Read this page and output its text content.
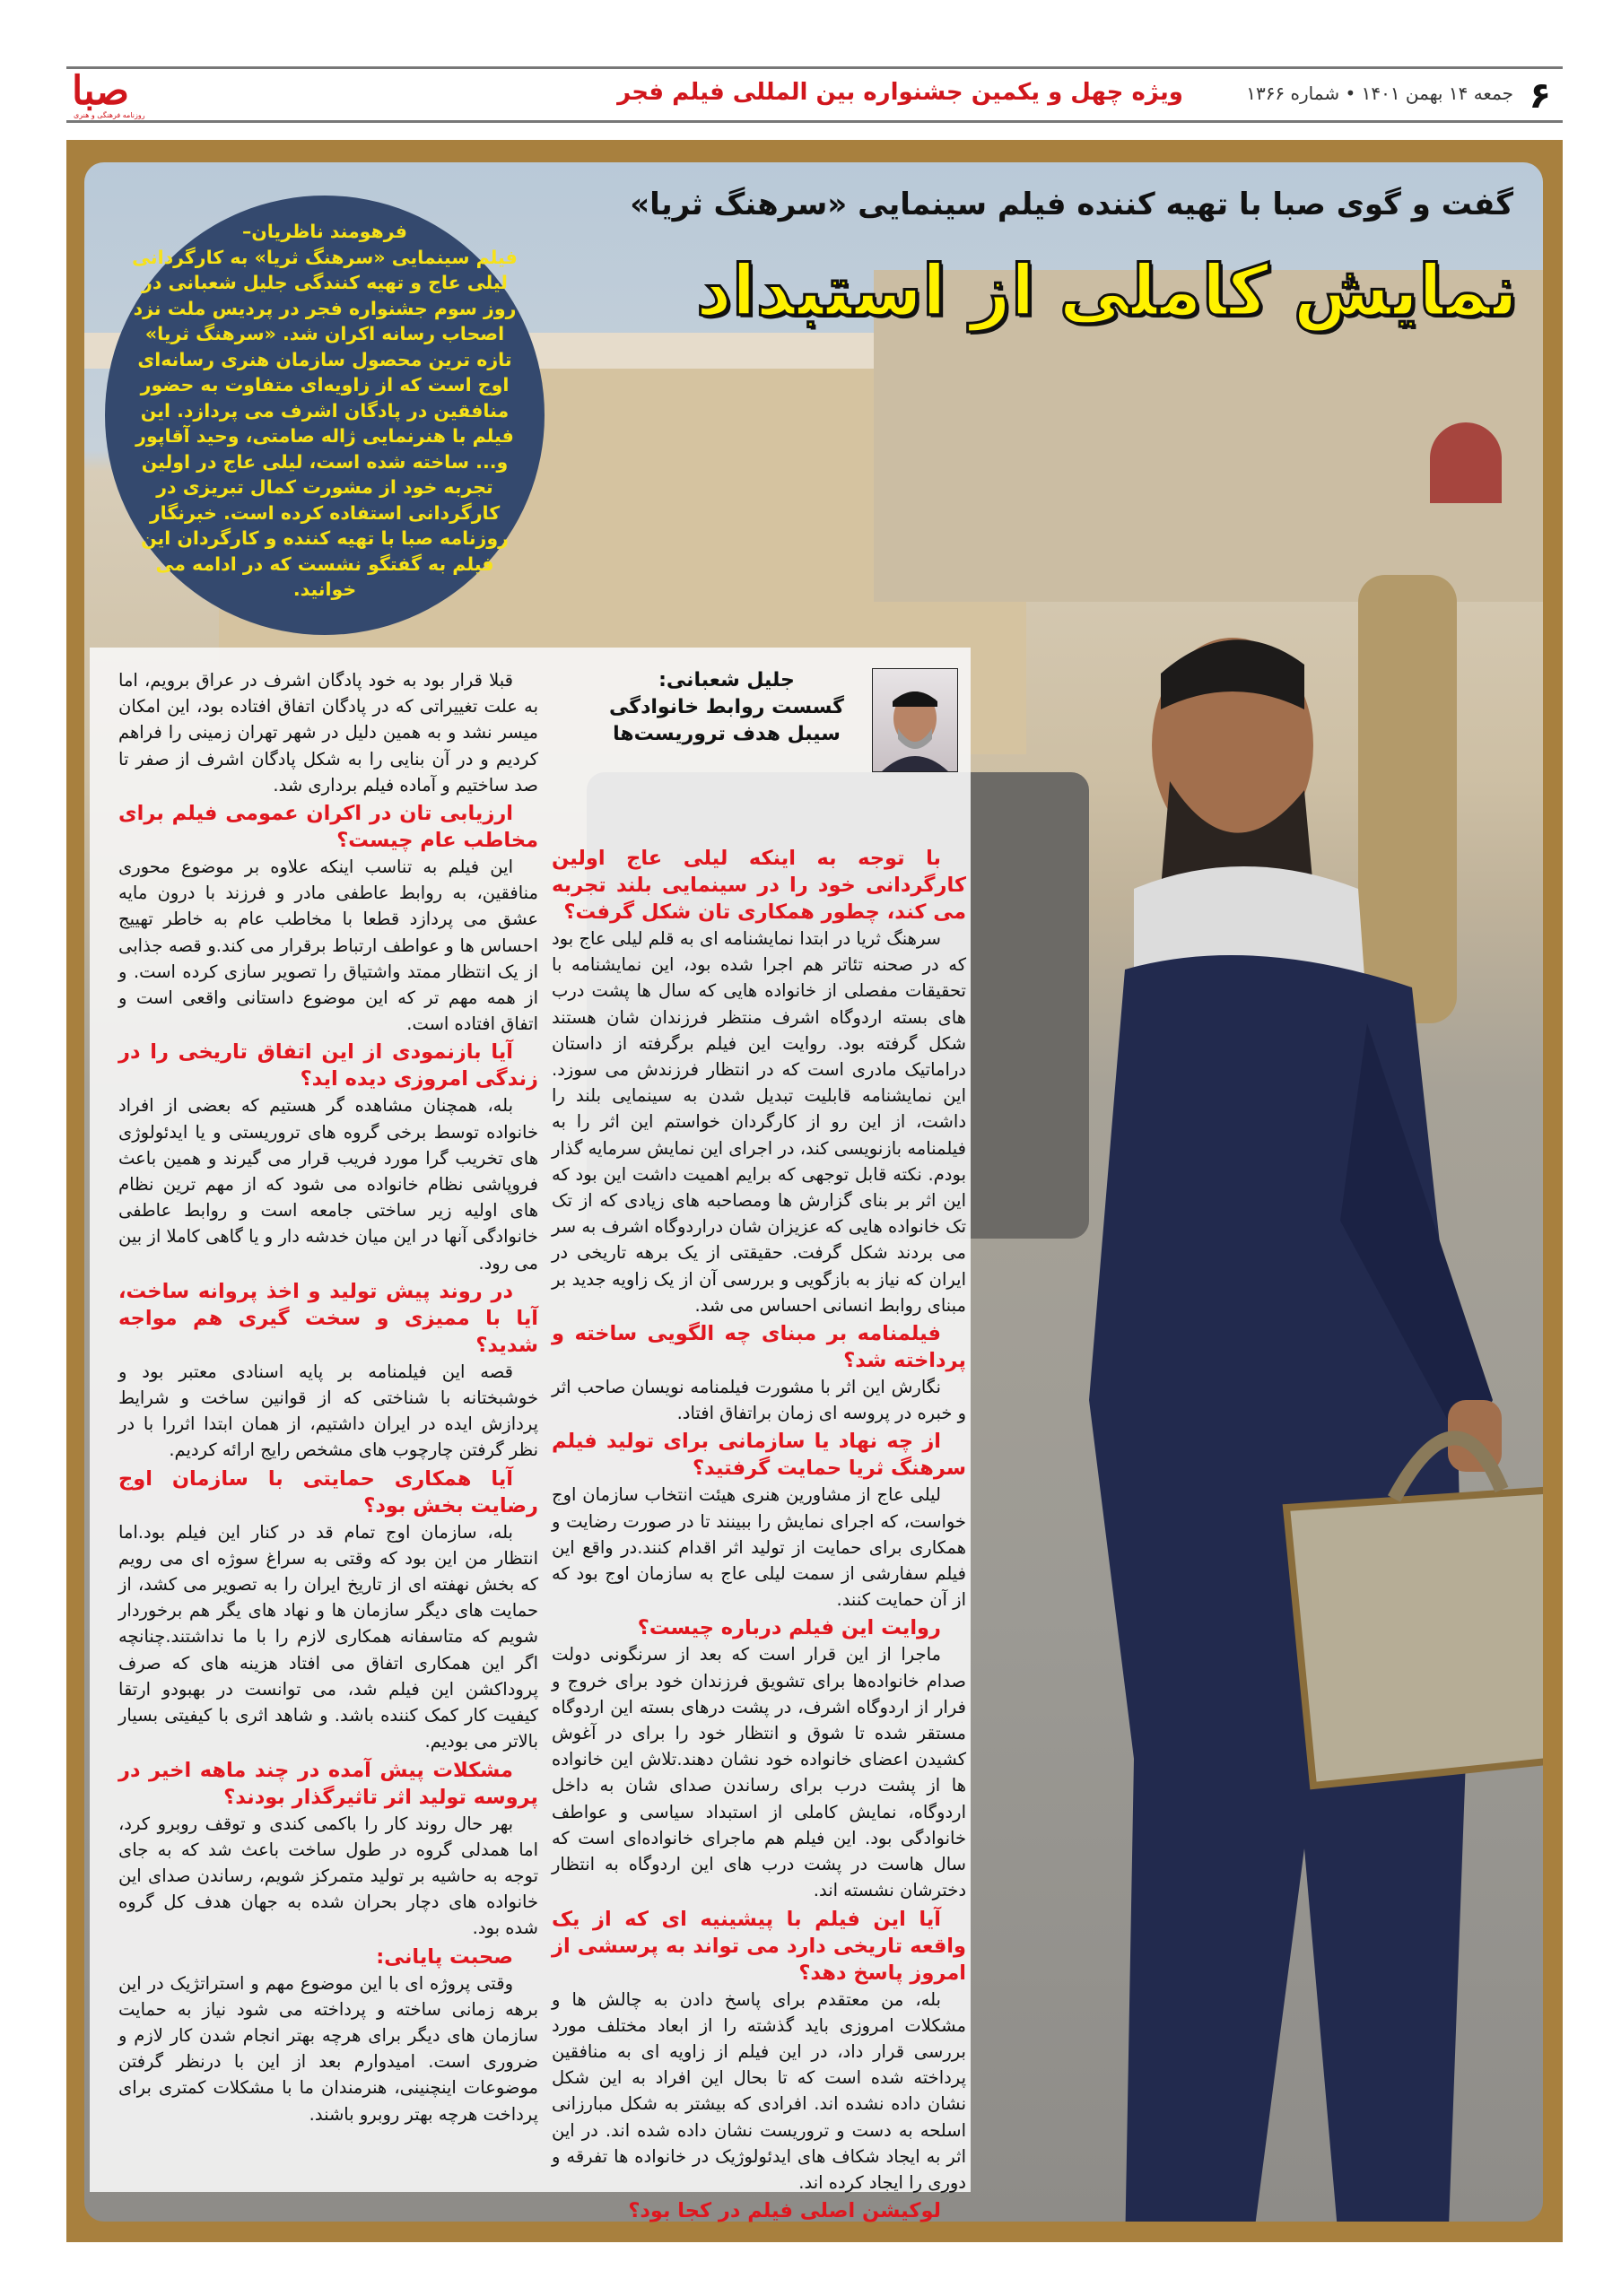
۶
جمعه ۱۴ بهمن ۱۴۰۱ • شماره ۱۳۶۶
ویژه چهل و یکمین جشنواره بین المللی فیلم فجر
صبا
روزنامه فرهنگی و هنری
گفت و گوی صبا با تهیه کننده فیلم سینمایی «سرهنگ ثریا»
نمایش کاملی از استبداد
فرهومند ناظریان–
فیلم سینمایی «سرهنگ ثریا» به کارگردانی لیلی عاج و تهیه کنندگی جلیل شعبانی در روز سوم جشنواره فجر در پردیس ملت نزد اصحاب رسانه اکران شد. «سرهنگ ثریا» تازه ترین محصول سازمان هنری رسانه‌ای اوج است که از زاویه‌ای متفاوت به حضور منافقین در پادگان اشرف می پردازد. این فیلم با هنرنمایی ژاله صامتی، وحید آقاپور و... ساخته شده است، لیلی عاج در اولین تجربه خود از مشورت کمال تبریزی در کارگردانی استفاده کرده است. خبرنگار روزنامه صبا با تهیه کننده و کارگردان این فیلم به گفتگو نشست که در ادامه می خوانید.
جلیل شعبانی:
گسست روابط خانوادگی
سیبل هدف تروریست‌ها
با توجه به اینکه لیلی عاج اولین کارگردانی خود را در سینمایی بلند تجربه می کند، چطور همکاری تان شکل گرفت؟

سرهنگ ثریا در ابتدا نمایشنامه ای به قلم لیلی عاج بود که در صحنه تئاتر هم اجرا شده بود، این نمایشنامه با تحقیقات مفصلی از خانواده هایی که سال ها پشت درب های بسته اردوگاه اشرف منتظر فرزندان شان هستند شکل گرفته بود. روایت این فیلم برگرفته از داستان دراماتیک مادری است که در انتظار فرزندش می سوزد. این نمایشنامه قابلیت تبدیل شدن به سینمایی بلند را داشت، از این رو از کارگردان خواستم این اثر را به فیلمنامه بازنویسی کند، در اجرای این نمایش سرمایه گذار بودم. نکته قابل توجهی که برایم اهمیت داشت این بود که این اثر بر بنای گزارش ها ومصاحبه های زیادی که از تک تک خانواده هایی که عزیزان شان دراردوگاه اشرف به سر می بردند شکل گرفت. حقیقتی از یک برهه تاریخی در ایران که نیاز به بازگویی و بررسی آن از یک زاویه جدید بر مبنای روابط انسانی احساس می شد.

فیلمنامه بر مبنای چه الگویی ساخته و پرداخته شد؟

نگارش این اثر با مشورت فیلمنامه نویسان صاحب اثر و خبره در پروسه ای زمان براتفاق افتاد.

از چه نهاد یا سازمانی برای تولید فیلم سرهنگ ثریا حمایت گرفتید؟

لیلی عاج از مشاورین هنری هیئت انتخاب سازمان اوج خواست، که اجرای نمایش را ببینند تا در صورت رضایت و همکاری برای حمایت از تولید اثر اقدام کنند.در واقع این فیلم سفارشی از سمت لیلی عاج به سازمان اوج بود که از آن حمایت کنند.

روایت این فیلم درباره چیست؟

ماجرا از این قرار است که بعد از سرنگونی دولت صدام خانواده‌ها برای تشویق فرزندان خود برای خروج و فرار از اردوگاه اشرف، در پشت درهای بسته این اردوگاه مستقر شده تا شوق و انتظار خود را برای در آغوش کشیدن اعضای خانواده خود نشان دهند.تلاش این خانواده ها از پشت درب برای رساندن صدای شان به داخل اردوگاه، نمایش کاملی از استبداد سیاسی و عواطف خانوادگی بود. این فیلم هم ماجرای خانواده‌ای است که سال هاست در پشت درب های این اردوگاه به انتظار دخترشان نشسته اند.

آیا این فیلم با پیشینیه ای که از یک واقعه تاریخی دارد می تواند به پرسشی از امروز پاسخ دهد؟

بله، من معتقدم برای پاسخ دادن به چالش ها و مشکلات امروزی باید گذشته را از ابعاد مختلف مورد بررسی قرار داد، در این فیلم از زاویه ای به منافقین پرداخته شده است که تا بحال این افراد به این شکل نشان داده نشده اند. افرادی که بیشتر به شکل مبارزانی اسلحه به دست و تروریست نشان داده شده اند. در این اثر به ایجاد شکاف های ایدئولوژیک در خانواده ها تفرقه و دوری را ایجاد کرده اند.

لوکیشن اصلی فیلم در کجا بود؟

قبلا قرار بود به خود پادگان اشرف در عراق برویم، اما به علت تغییراتی که در پادگان اتفاق افتاده بود، این امکان میسر نشد و به همین دلیل در شهر تهران زمینی را فراهم کردیم و در آن بنایی را به شکل پادگان اشرف از صفر تا صد ساختیم و آماده فیلم برداری شد.

ارزیابی تان در اکران عمومی فیلم برای مخاطب عام چیست؟

این فیلم به تناسب اینکه علاوه بر موضوع محوری منافقین، به روابط عاطفی مادر و فرزند با درون مایه عشق می پردازد قطعا با مخاطب عام به خاطر تهییج احساس ها و عواطف ارتباط برقرار می کند.و قصه جذابی از یک انتظار ممتد واشتیاق را تصویر سازی کرده است. و از همه مهم تر که این موضوع داستانی واقعی است و اتفاق افتاده است.

آیا بازنمودی از این اتفاق تاریخی را در زندگی امروزی دیده اید؟

بله، همچنان مشاهده گر هستیم که بعضی از افراد خانواده توسط برخی گروه های تروریستی و یا ایدئولوژی های تخریب گرا مورد فریب قرار می گیرند و همین باعث فروپاشی نظام خانواده می شود که از مهم ترین نظام های اولیه زیر ساختی جامعه است و روابط عاطفی خانوادگی آنها در این میان خدشه دار و یا گاهی کاملا از بین می رود.

در روند پیش تولید و اخذ پروانه ساخت، آیا با ممیزی و سخت گیری هم مواجه شدید؟

قصه این فیلمنامه بر پایه اسنادی معتبر بود و خوشبختانه با شناختی که از قوانین ساخت و شرایط پردازش ایده در ایران داشتیم، از همان ابتدا اثررا با در نظر گرفتن چارچوب های مشخص رایج ارائه کردیم.

آیا همکاری حمایتی با سازمان اوج رضایت بخش بود؟

بله، سازمان اوج تمام قد در کنار این فیلم بود.اما انتظار من این بود که وقتی به سراغ سوژه ای می رویم که بخش نهفته ای از تاریخ ایران را به تصویر می کشد، از حمایت های دیگر سازمان ها و نهاد های یگر هم برخوردار شویم که متاسفانه همکاری لازم را با ما نداشتند.چنانچه اگر این همکاری اتفاق می افتاد هزینه های که صرف پروداکشن این فیلم شد، می توانست در بهبودو ارتقا کیفیت کار کمک کننده باشد. و شاهد اثری با کیفیتی بسیار بالاتر می بودیم.

مشکلات پیش آمده در چند ماهه اخیر در پروسه تولید اثر تاثیرگذار بودند؟

بهر حال روند کار را باکمی کندی و توقف روبرو کرد، اما همدلی گروه در طول ساخت باعث شد که به جای توجه به حاشیه بر تولید متمرکز شویم، رساندن صدای این خانواده های دچار بحران شده به جهان هدف کل گروه شده بود.

صحبت پایانی:

وقتی پروژه ای با این موضوع مهم و استراتژیک در این برهه زمانی ساخته و پرداخته می شود نیاز به حمایت سازمان های دیگر برای هرچه بهتر انجام شدن کار لازم و ضروری است. امیدوارم بعد از این با درنظر گرفتن موضوعات اینچنینی، هنرمندان ما با مشکلات کمتری برای پرداخت هرچه بهتر روبرو باشند.
